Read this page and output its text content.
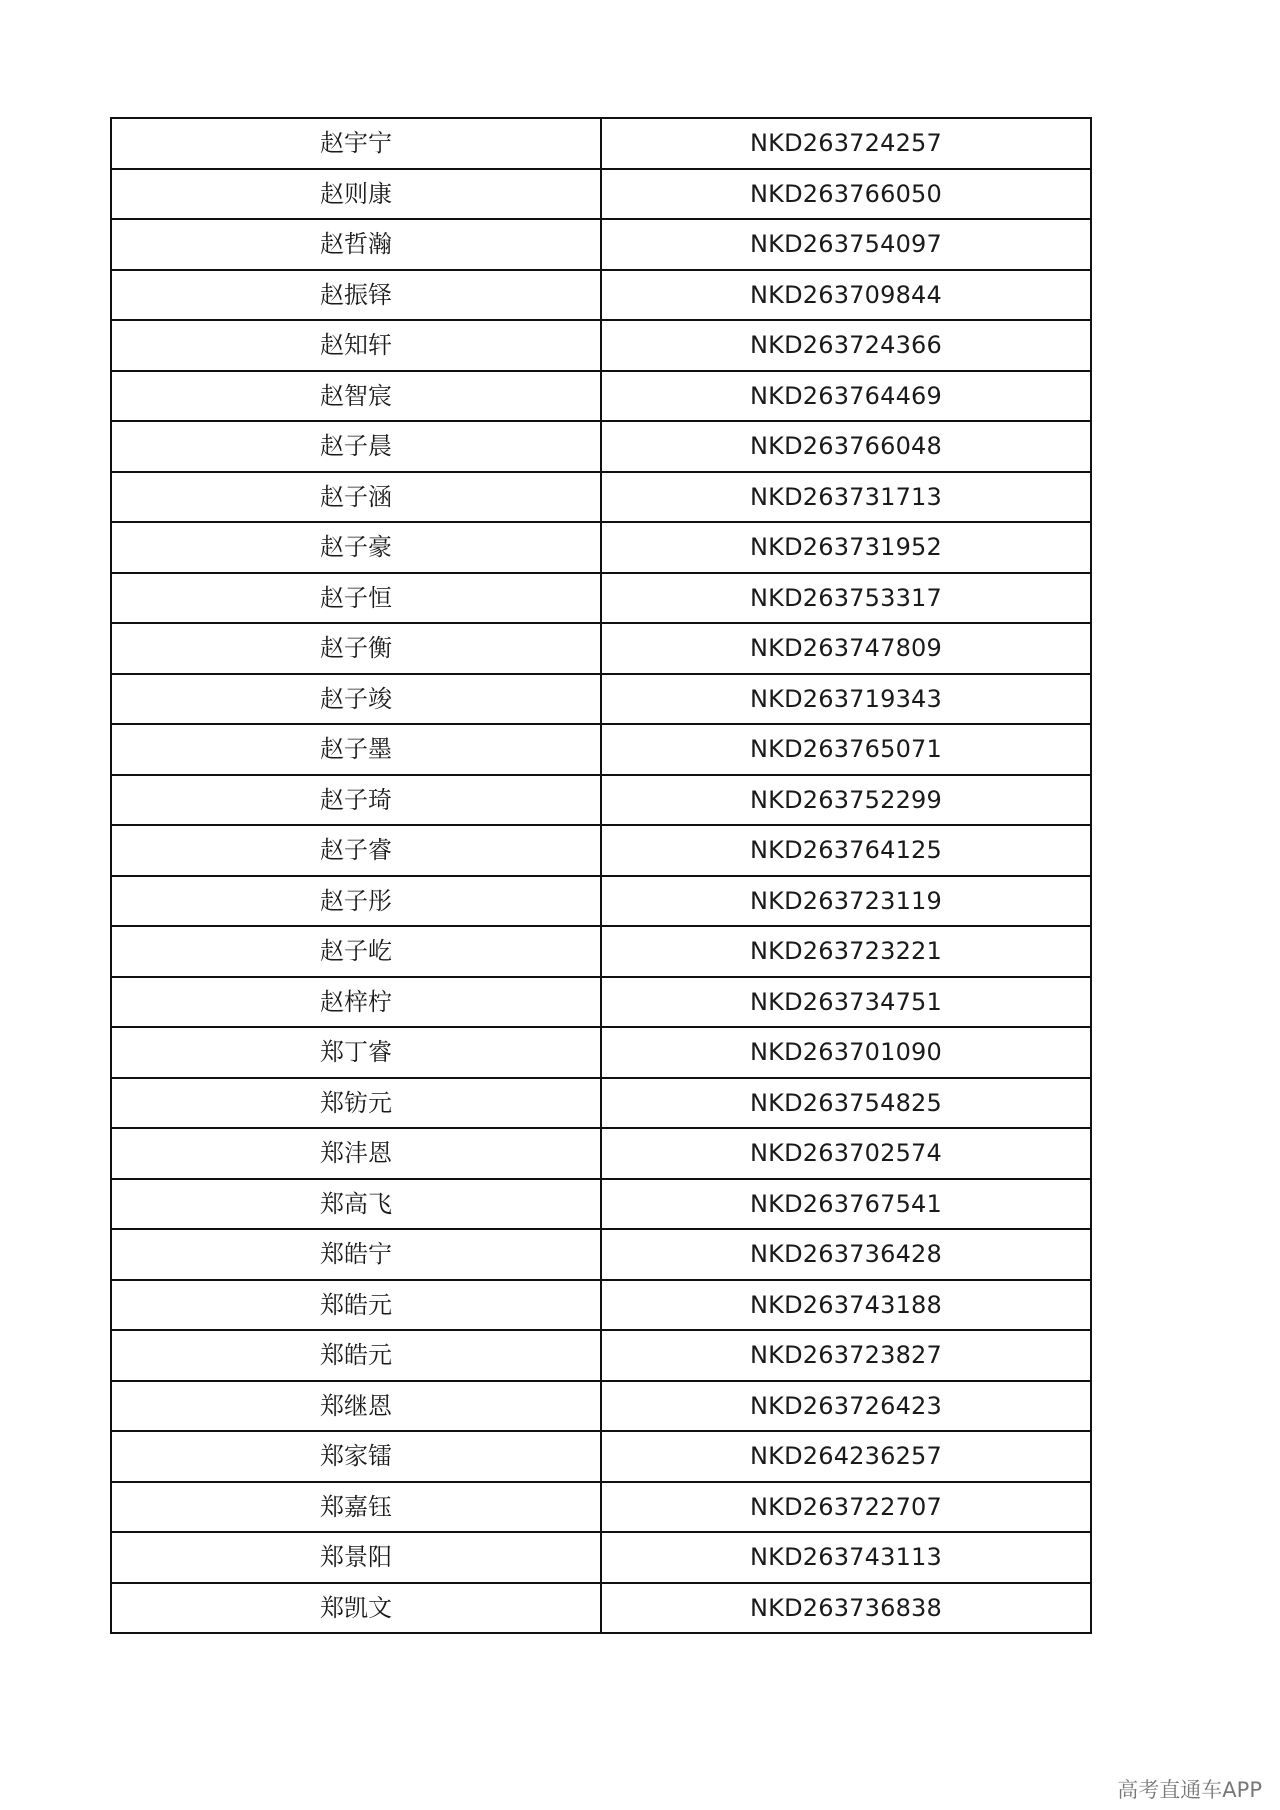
赵宇宁	NKD263724257
赵则康	NKD263766050
赵哲瀚	NKD263754097
赵振铎	NKD263709844
赵知轩	NKD263724366
赵智宸	NKD263764469
赵子晨	NKD263766048
赵子涵	NKD263731713
赵子豪	NKD263731952
赵子恒	NKD263753317
赵子衡	NKD263747809
赵子竣	NKD263719343
赵子墨	NKD263765071
赵子琦	NKD263752299
赵子睿	NKD263764125
赵子彤	NKD263723119
赵子屹	NKD263723221
赵梓柠	NKD263734751
郑丁睿	NKD263701090
郑钫元	NKD263754825
郑沣恩	NKD263702574
郑高飞	NKD263767541
郑皓宁	NKD263736428
郑皓元	NKD263743188
郑皓元	NKD263723827
郑继恩	NKD263726423
郑家镭	NKD264236257
郑嘉钰	NKD263722707
郑景阳	NKD263743113
郑凯文	NKD263736838
高考直通车APP
